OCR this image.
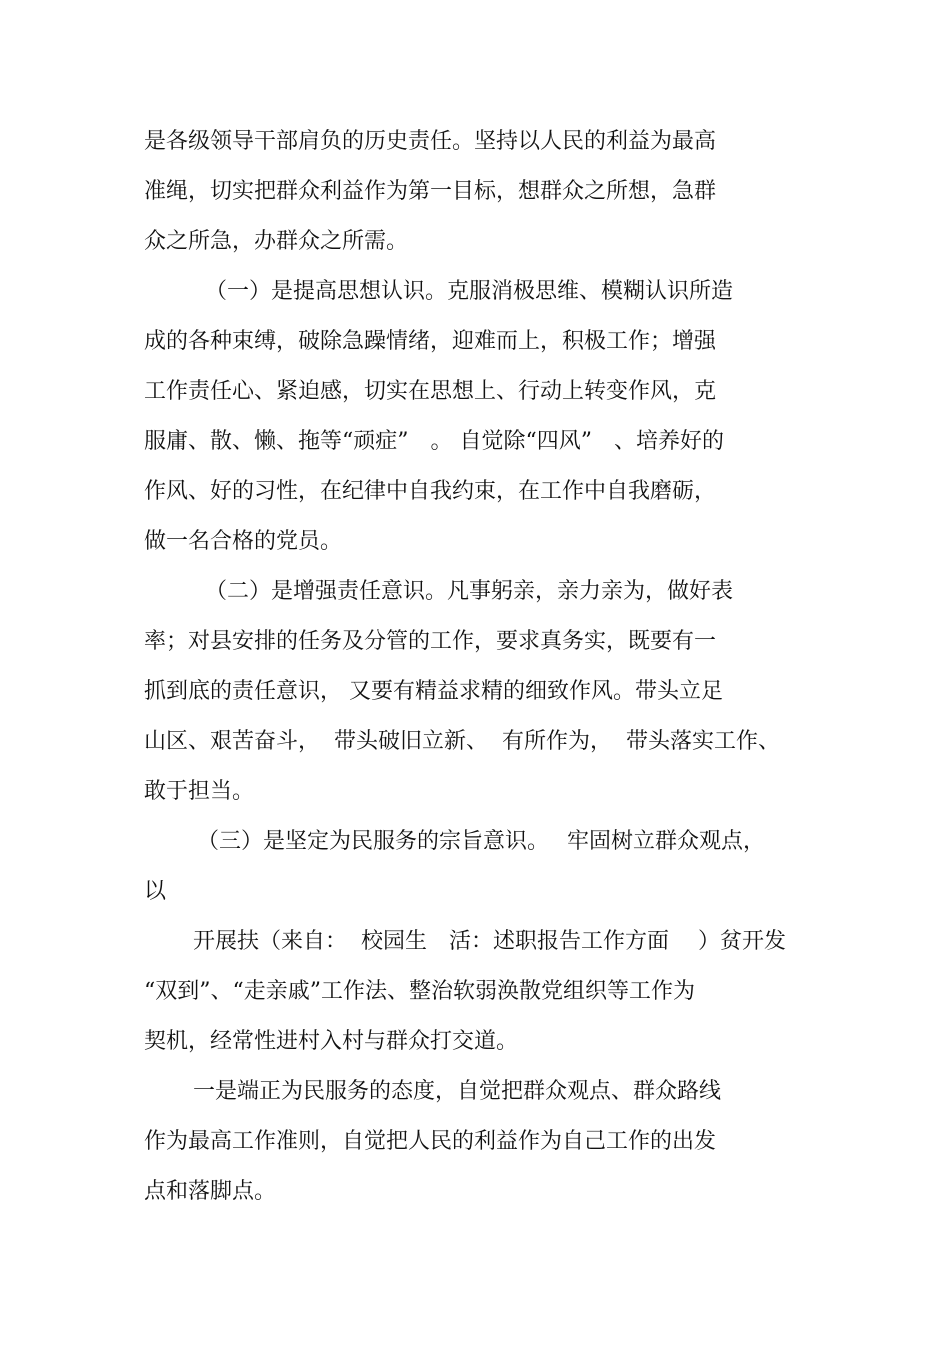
是各级领导干部肩负的历史责任。坚持以人民的利益为最高
准绳，切实把群众利益作为第一目标，想群众之所想，急群
众之所急，办群众之所需。
（一）是提高思想认识。克服消极思维、模糊认识所造
成的各种束缚，破除急躁情绪，迎难而上，积极工作；增强
工作责任心、紧迫感，切实在思想上、行动上转变作风，克
服庸、散、懒、拖等“顽症”　。 自觉除“四风”　、培养好的
作风、好的习性，在纪律中自我约束，在工作中自我磨砺，
做一名合格的党员。
（二）是增强责任意识。凡事躬亲，亲力亲为，做好表
率；对县安排的任务及分管的工作，要求真务实，既要有一
抓到底的责任意识， 又要有精益求精的细致作风。带头立足
山区、艰苦奋斗，  带头破旧立新、  有所作为，  带头落实工作、
敢于担当。
（三）是坚定为民服务的宗旨意识。　 牢固树立群众观点，
以
开展扶（来自：  校园生　活：述职报告工作方面　 ）贫开发
“双到”、“走亲戚”工作法、整治软弱涣散党组织等工作为
契机，经常性进村入村与群众打交道。
一是端正为民服务的态度，自觉把群众观点、群众路线
作为最高工作准则，自觉把人民的利益作为自己工作的出发
点和落脚点。
